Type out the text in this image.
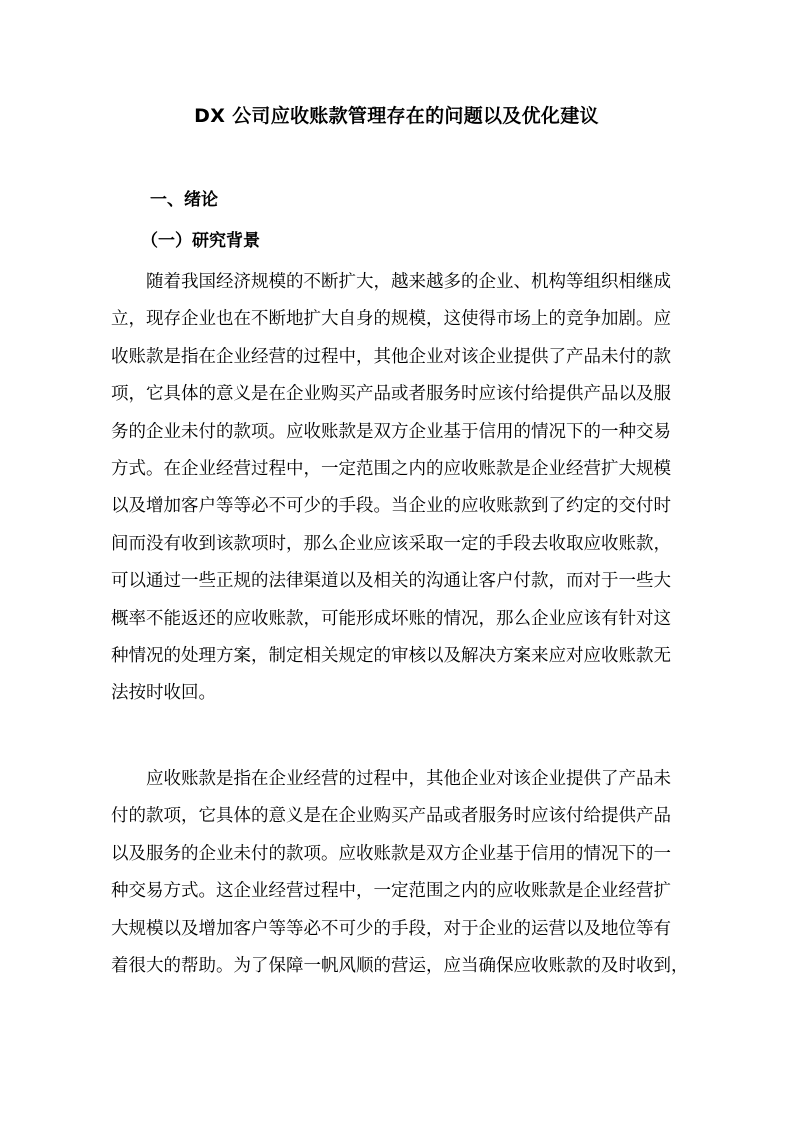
DX 公司应收账款管理存在的问题以及优化建议
一、绪论
（一）研究背景

随着我国经济规模的不断扩大，越来越多的企业、机构等组织相继成
立，现存企业也在不断地扩大自身的规模，这使得市场上的竞争加剧。应
收账款是指在企业经营的过程中，其他企业对该企业提供了产品未付的款
项，它具体的意义是在企业购买产品或者服务时应该付给提供产品以及服
务的企业未付的款项。应收账款是双方企业基于信用的情况下的一种交易
方式。在企业经营过程中，一定范围之内的应收账款是企业经营扩大规模
以及增加客户等等必不可少的手段。当企业的应收账款到了约定的交付时
间而没有收到该款项时，那么企业应该采取一定的手段去收取应收账款，
可以通过一些正规的法律渠道以及相关的沟通让客户付款，而对于一些大
概率不能返还的应收账款，可能形成坏账的情况，那么企业应该有针对这
种情况的处理方案，制定相关规定的审核以及解决方案来应对应收账款无
法按时收回。

应收账款是指在企业经营的过程中，其他企业对该企业提供了产品未
付的款项，它具体的意义是在企业购买产品或者服务时应该付给提供产品
以及服务的企业未付的款项。应收账款是双方企业基于信用的情况下的一
种交易方式。这企业经营过程中，一定范围之内的应收账款是企业经营扩
大规模以及增加客户等等必不可少的手段，对于企业的运营以及地位等有
着很大的帮助。为了保障一帆风顺的营运，应当确保应收账款的及时收到，
